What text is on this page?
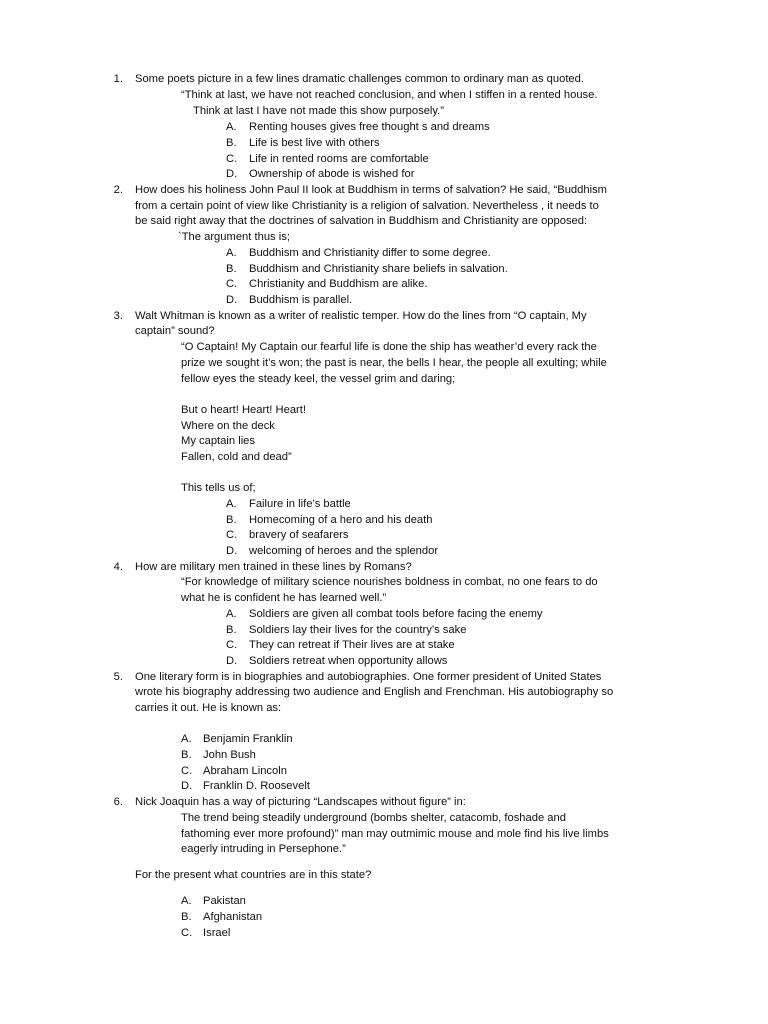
1. Some poets picture in a few lines dramatic challenges common to ordinary man as quoted.
“Think at last, we have not reached conclusion, and when I stiffen in a rented house.
Think at last I have not made this show purposely.”
A. Renting houses gives free thought s and dreams
B. Life is best live with others
C. Life in rented rooms are comfortable
D. Ownership of abode is wished for
2. How does his holiness John Paul II look at Buddhism in terms of salvation? He said, “Buddhism
from a certain point of view like Christianity is a religion of salvation. Nevertheless , it needs to
be said right away that the doctrines of salvation in Buddhism and Christianity are opposed:
`The argument thus is;
A. Buddhism and Christianity differ to some degree.
B. Buddhism and Christianity share beliefs in salvation.
C. Christianity and Buddhism are alike.
D. Buddhism is parallel.
3. Walt Whitman is known as a writer of realistic temper. How do the lines from “O captain, My
captain” sound?
“O Captain! My Captain our fearful life is done the ship has weather’d every rack the
prize we sought it’s won; the past is near, the bells I hear, the people all exulting; while
fellow eyes the steady keel, the vessel grim and daring;
But o heart! Heart! Heart!
Where on the deck
My captain lies
Fallen, cold and dead”
This tells us of;
A. Failure in life’s battle
B. Homecoming of a hero and his death
C. bravery of seafarers
D. welcoming of heroes and the splendor
4. How are military men trained in these lines by Romans?
“For knowledge of military science nourishes boldness in combat, no one fears to do
what he is confident he has learned well.”
A. Soldiers are given all combat tools before facing the enemy
B. Soldiers lay their lives for the country’s sake
C. They can retreat if Their lives are at stake
D. Soldiers retreat when opportunity allows
5. One literary form is in biographies and autobiographies. One former president of United States
wrote his biography addressing two audience and English and Frenchman. His autobiography so
carries it out. He is known as:
A. Benjamin Franklin
B. John Bush
C. Abraham Lincoln
D. Franklin D. Roosevelt
6. Nick Joaquin has a way of picturing “Landscapes without figure” in:
The trend being steadily underground (bombs shelter, catacomb, foshade and
fathoming ever more profound)” man may outmimic mouse and mole find his live limbs
eagerly intruding in Persephone.”
For the present what countries are in this state?
A. Pakistan
B. Afghanistan
C. Israel
